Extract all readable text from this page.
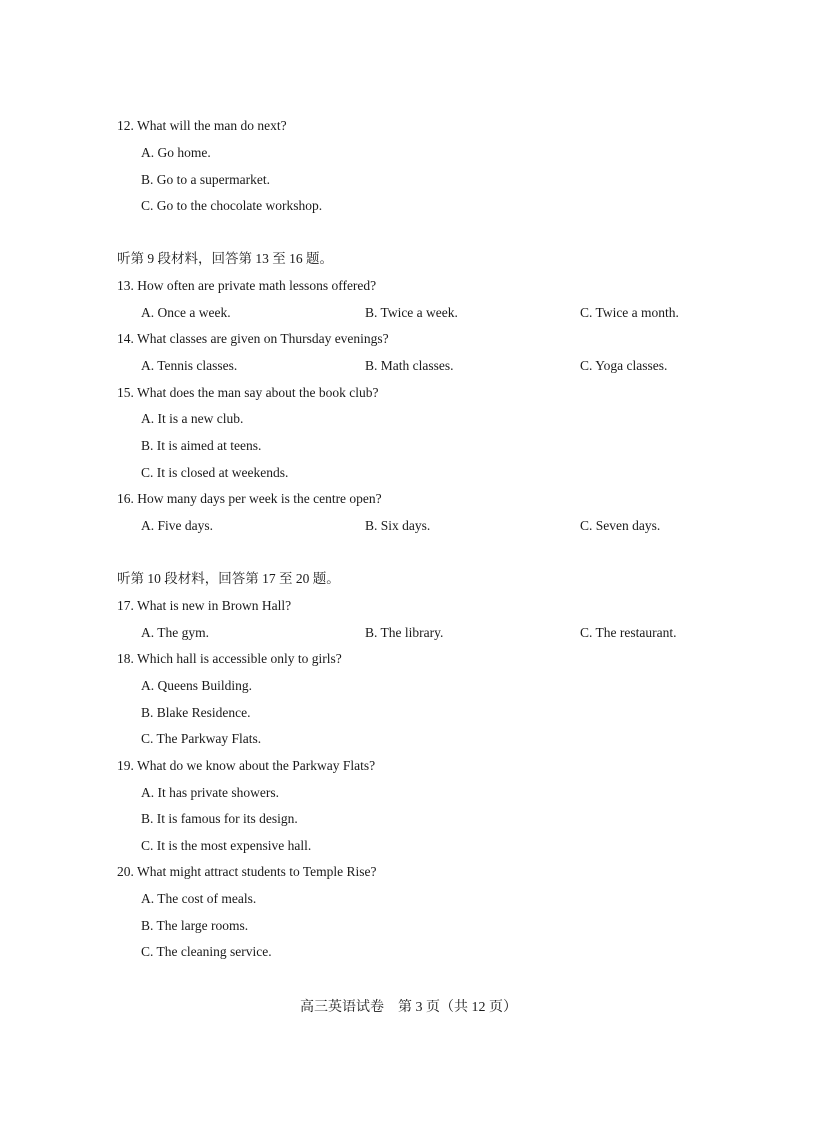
12. What will the man do next?
A. Go home.
B. Go to a supermarket.
C. Go to the chocolate workshop.
听第 9 段材料，回答第 13 至 16 题。
13. How often are private math lessons offered?
A. Once a week.	B. Twice a week.	C. Twice a month.
14. What classes are given on Thursday evenings?
A. Tennis classes.	B. Math classes.	C. Yoga classes.
15. What does the man say about the book club?
A. It is a new club.
B. It is aimed at teens.
C. It is closed at weekends.
16. How many days per week is the centre open?
A. Five days.	B. Six days.	C. Seven days.
听第 10 段材料，回答第 17 至 20 题。
17. What is new in Brown Hall?
A. The gym.	B. The library.	C. The restaurant.
18. Which hall is accessible only to girls?
A. Queens Building.
B. Blake Residence.
C. The Parkway Flats.
19. What do we know about the Parkway Flats?
A. It has private showers.
B. It is famous for its design.
C. It is the most expensive hall.
20. What might attract students to Temple Rise?
A. The cost of meals.
B. The large rooms.
C. The cleaning service.
高三英语试卷　第 3 页（共 12 页）
